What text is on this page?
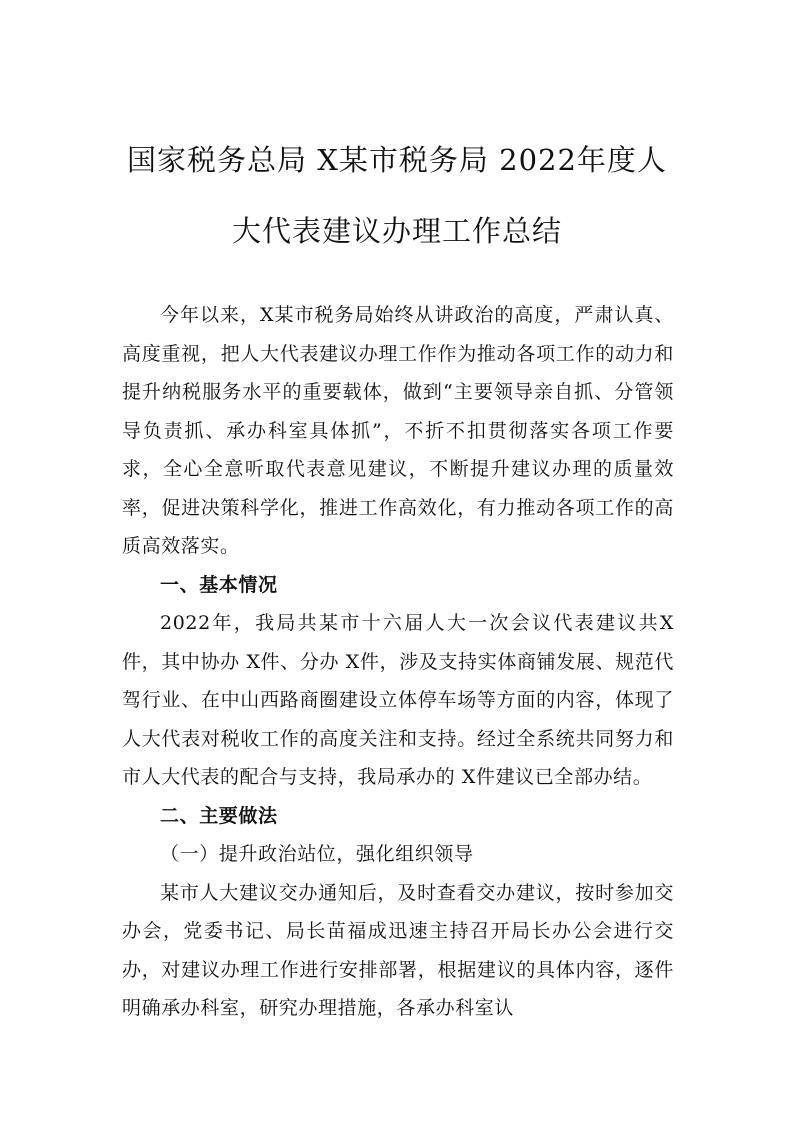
国家税务总局 X某市税务局 2022年度人
大代表建议办理工作总结

今年以来，X某市税务局始终从讲政治的高度，严肃认真、高度重视，把人大代表建议办理工作作为推动各项工作的动力和提升纳税服务水平的重要载体，做到“主要领导亲自抓、分管领导负责抓、承办科室具体抓”，不折不扣贯彻落实各项工作要求，全心全意听取代表意见建议，不断提升建议办理的质量效率，促进决策科学化，推进工作高效化，有力推动各项工作的高质高效落实。

一、基本情况

2022年，我局共某市十六届人大一次会议代表建议共X件，其中协办 X件、分办 X件，涉及支持实体商铺发展、规范代驾行业、在中山西路商圈建设立体停车场等方面的内容，体现了人大代表对税收工作的高度关注和支持。经过全系统共同努力和市人大代表的配合与支持，我局承办的 X件建议已全部办结。

二、主要做法

（一）提升政治站位，强化组织领导

某市人大建议交办通知后，及时查看交办建议，按时参加交办会，党委书记、局长苗福成迅速主持召开局长办公会进行交办，对建议办理工作进行安排部署，根据建议的具体内容，逐件明确承办科室，研究办理措施，各承办科室认
